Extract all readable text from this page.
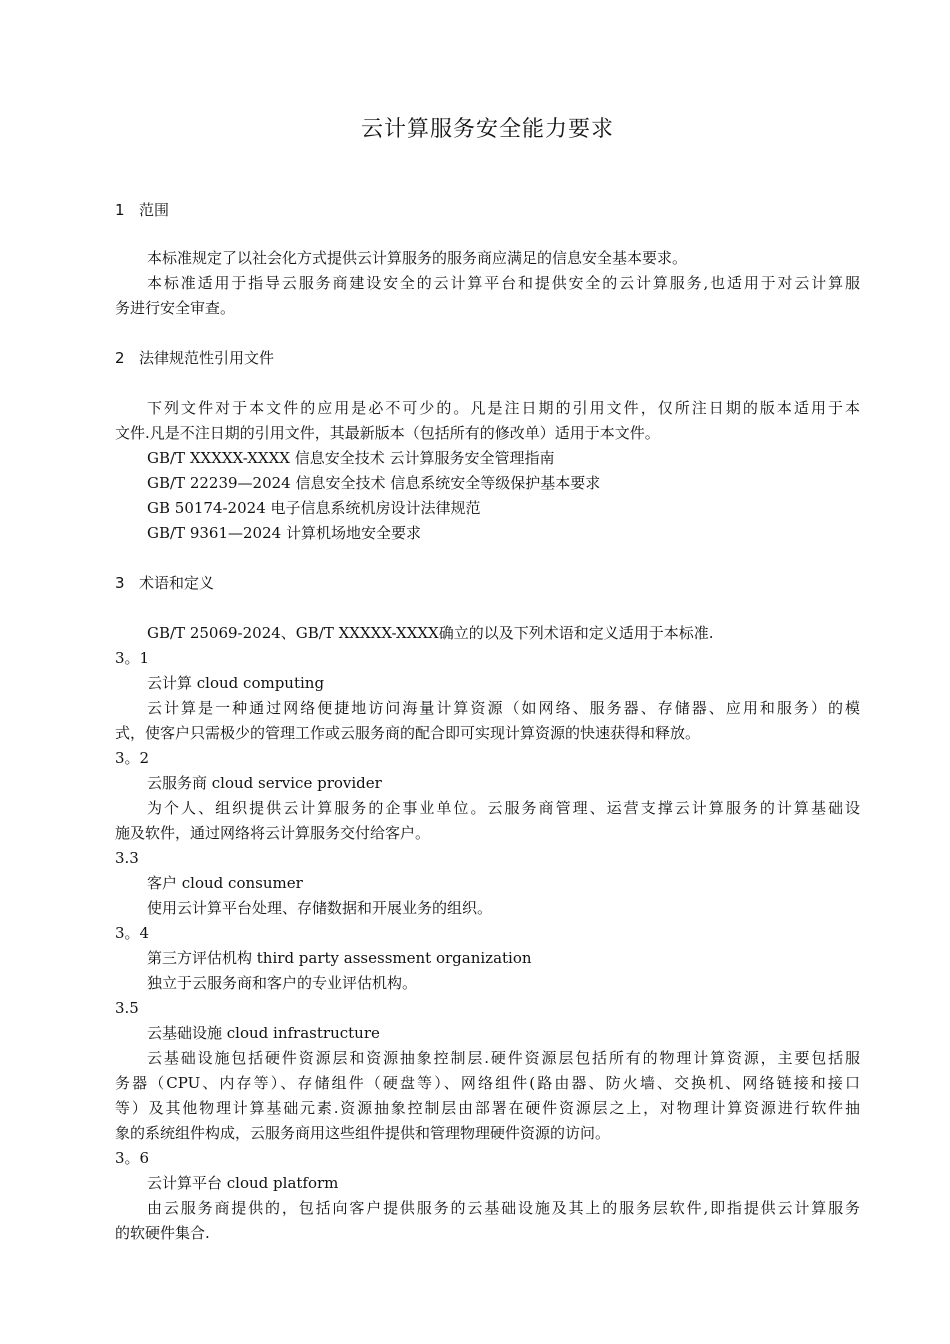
云计算服务安全能力要求
1 范围
本标准规定了以社会化方式提供云计算服务的服务商应满足的信息安全基本要求。
本标准适用于指导云服务商建设安全的云计算平台和提供安全的云计算服务,也适用于对云计算服
务进行安全审查。
2 法律规范性引用文件
下列文件对于本文件的应用是必不可少的。凡是注日期的引用文件，仅所注日期的版本适用于本
文件.凡是不注日期的引用文件，其最新版本（包括所有的修改单）适用于本文件。
GB/T XXXXX-XXXX 信息安全技术 云计算服务安全管理指南
GB/T 22239—2024 信息安全技术 信息系统安全等级保护基本要求
GB 50174-2024 电子信息系统机房设计法律规范
GB/T 9361—2024 计算机场地安全要求
3 术语和定义
GB/T 25069-2024、GB/T XXXXX-XXXX确立的以及下列术语和定义适用于本标准.
3。1
云计算 cloud computing
云计算是一种通过网络便捷地访问海量计算资源（如网络、服务器、存储器、应用和服务）的模
式，使客户只需极少的管理工作或云服务商的配合即可实现计算资源的快速获得和释放。
3。2
云服务商 cloud service provider
为个人、组织提供云计算服务的企事业单位。云服务商管理、运营支撑云计算服务的计算基础设
施及软件，通过网络将云计算服务交付给客户。
3.3
客户 cloud consumer
使用云计算平台处理、存储数据和开展业务的组织。
3。4
第三方评估机构 third party assessment organization
独立于云服务商和客户的专业评估机构。
3.5
云基础设施 cloud infrastructure
云基础设施包括硬件资源层和资源抽象控制层.硬件资源层包括所有的物理计算资源，主要包括服
务器（CPU、内存等）、存储组件（硬盘等）、网络组件(路由器、防火墙、交换机、网络链接和接口
等）及其他物理计算基础元素.资源抽象控制层由部署在硬件资源层之上，对物理计算资源进行软件抽
象的系统组件构成，云服务商用这些组件提供和管理物理硬件资源的访问。
3。6
云计算平台 cloud platform
由云服务商提供的，包括向客户提供服务的云基础设施及其上的服务层软件,即指提供云计算服务
的软硬件集合.
